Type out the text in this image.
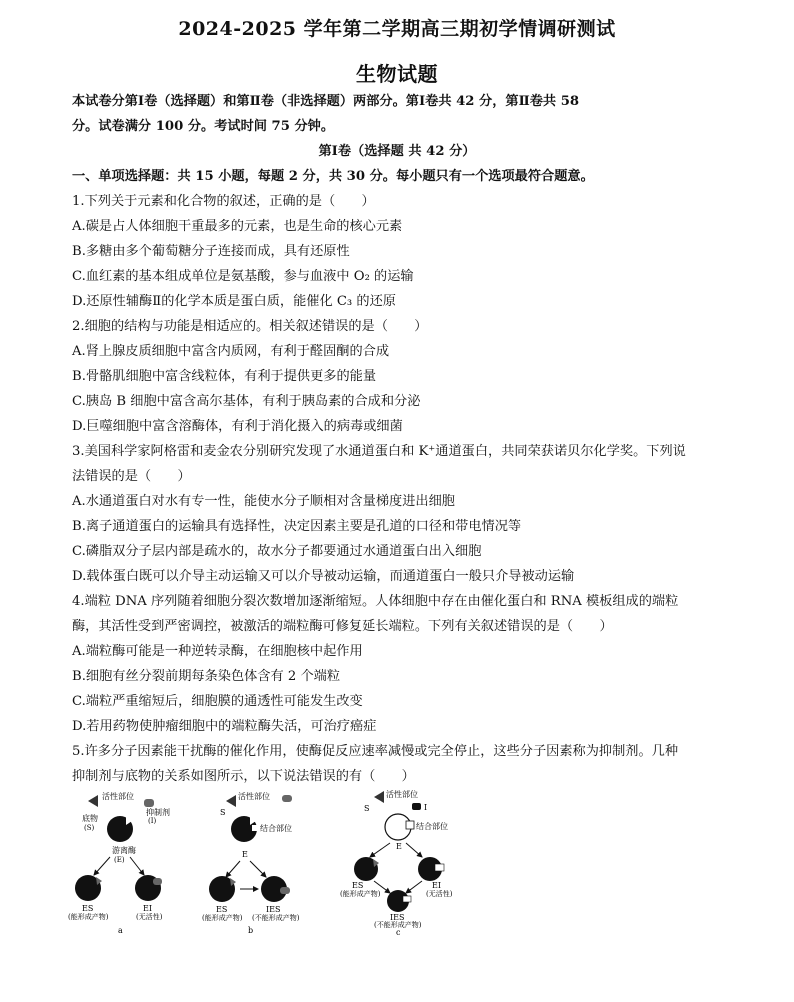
2024-2025 学年第二学期高三期初学情调研测试
生物试题
本试卷分第Ⅰ卷（选择题）和第Ⅱ卷（非选择题）两部分。第Ⅰ卷共 42 分，第Ⅱ卷共 58
分。试卷满分 100 分。考试时间 75 分钟。
第Ⅰ卷（选择题 共 42 分）
一、单项选择题：共 15 小题，每题 2 分，共 30 分。每小题只有一个选项最符合题意。
1.下列关于元素和化合物的叙述，正确的是（　　）
A.碳是占人体细胞干重最多的元素，也是生命的核心元素
B.多糖由多个葡萄糖分子连接而成，具有还原性
C.血红素的基本组成单位是氨基酸，参与血液中 O₂ 的运输
D.还原性辅酶Ⅱ的化学本质是蛋白质，能催化 C₃ 的还原
2.细胞的结构与功能是相适应的。相关叙述错误的是（　　）
A.肾上腺皮质细胞中富含内质网，有利于醛固酮的合成
B.骨骼肌细胞中富含线粒体，有利于提供更多的能量
C.胰岛 B 细胞中富含高尔基体，有利于胰岛素的合成和分泌
D.巨噬细胞中富含溶酶体，有利于消化摄入的病毒或细菌
3.美国科学家阿格雷和麦金农分别研究发现了水通道蛋白和 K⁺通道蛋白，共同荣获诺贝尔化学奖。下列说
法错误的是（　　）
A.水通道蛋白对水有专一性，能使水分子顺相对含量梯度进出细胞
B.离子通道蛋白的运输具有选择性，决定因素主要是孔道的口径和带电情况等
C.磷脂双分子层内部是疏水的，故水分子都要通过水通道蛋白出入细胞
D.载体蛋白既可以介导主动运输又可以介导被动运输，而通道蛋白一般只介导被动运输
4.端粒 DNA 序列随着细胞分裂次数增加逐渐缩短。人体细胞中存在由催化蛋白和 RNA 模板组成的端粒
酶，其活性受到严密调控，被激活的端粒酶可修复延长端粒。下列有关叙述错误的是（　　）
A.端粒酶可能是一种逆转录酶，在细胞核中起作用
B.细胞有丝分裂前期每条染色体含有 2 个端粒
C.端粒严重缩短后，细胞膜的通透性可能发生改变
D.若用药物使肿瘤细胞中的端粒酶失活，可治疗癌症
5.许多分子因素能干扰酶的催化作用，使酶促反应速率减慢或完全停止，这些分子因素称为抑制剂。几种
抑制剂与底物的关系如图所示，以下说法错误的有（　　）
活性部位
抑制剂
(I)
底物
(S)
游离酶
(E)
ES
(能形成产物)
EI
(无活性)
a
S
活性部位
结合部位
E
ES
(能形成产物)
IES
(不能形成产物)
b
S
活性部位
I
结合部位
E
ES
(能形成产物)
EI
(无活性)
IES
(不能形成产物)
c
